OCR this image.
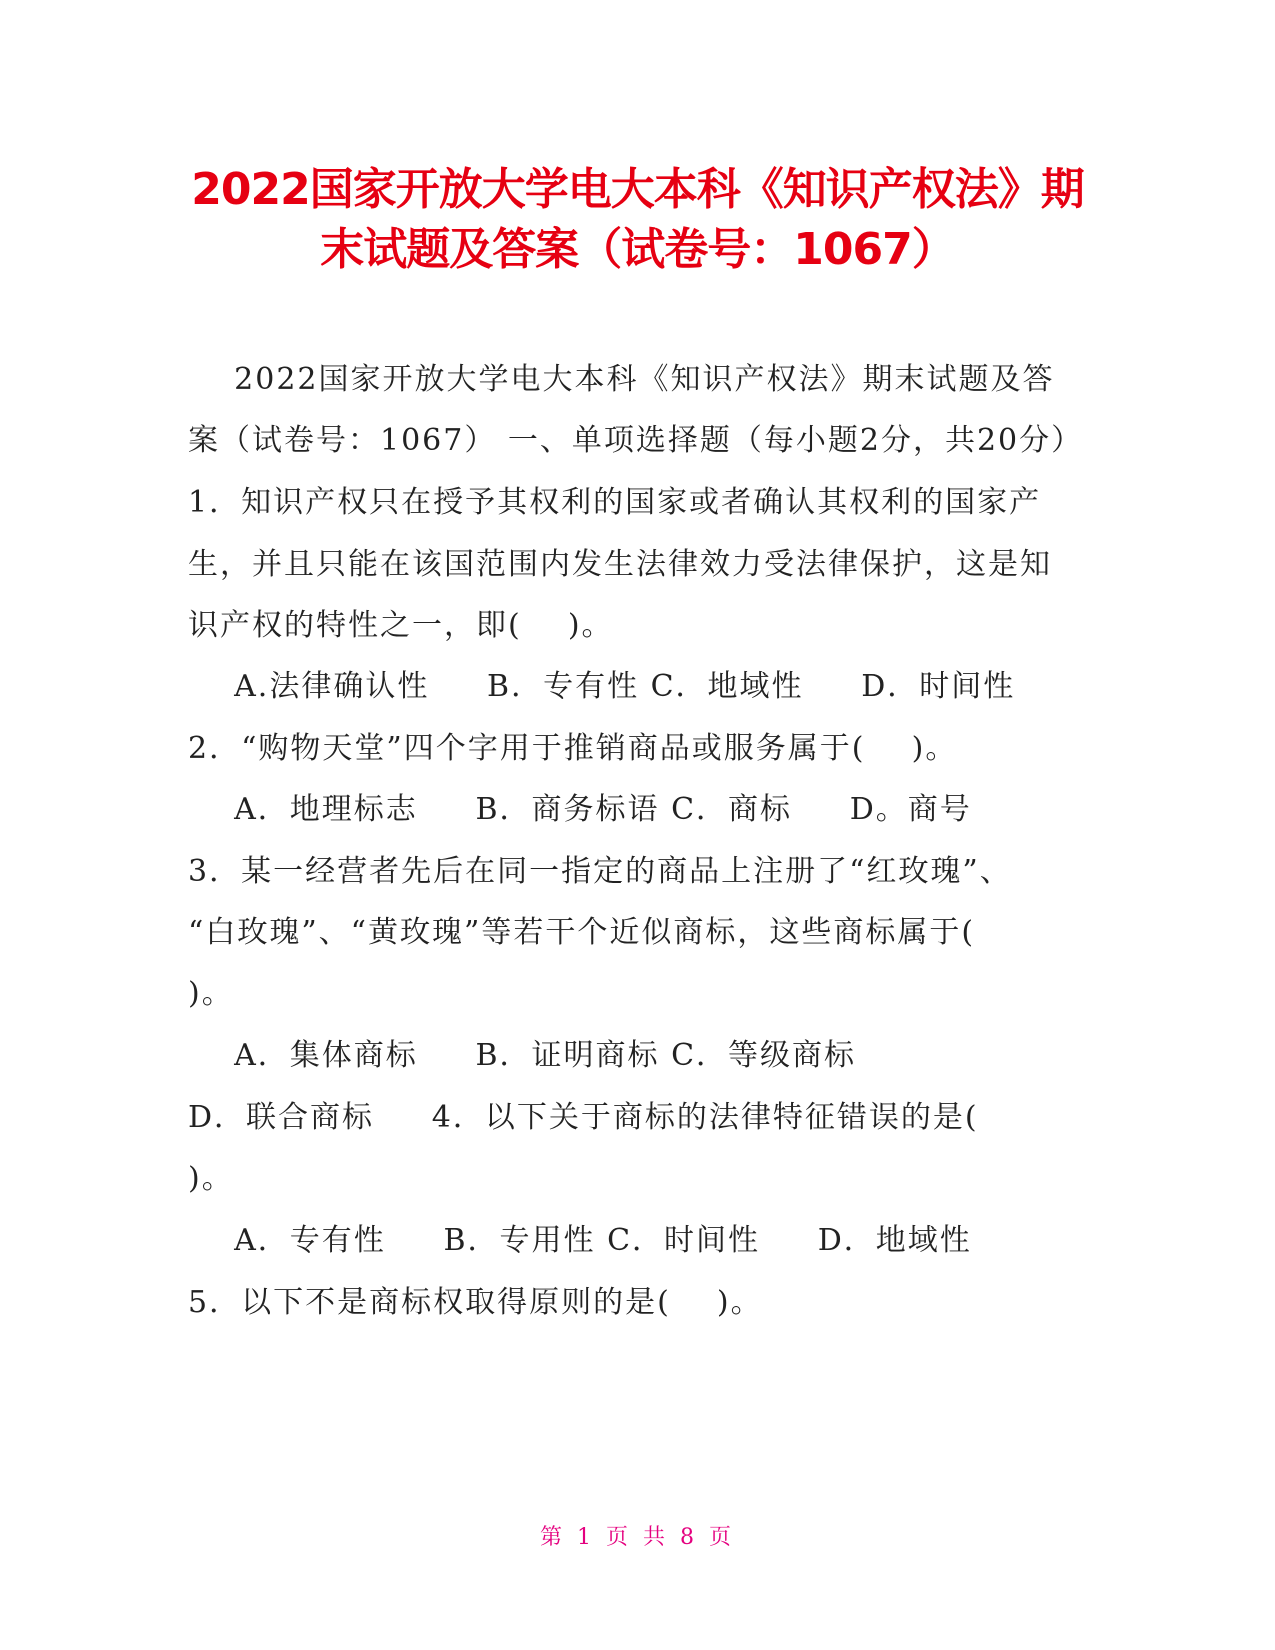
2022国家开放大学电大本科《知识产权法》期
末试题及答案（试卷号：1067）
2022国家开放大学电大本科《知识产权法》期末试题及答
案（试卷号：1067） 一、单项选择题（每小题2分，共20分）
1．知识产权只在授予其权利的国家或者确认其权利的国家产
生，并且只能在该国范围内发生法律效力受法律保护，这是知
识产权的特性之一，即(    )。
A.法律确认性     B．专有性 C．地域性     D．时间性
2．“购物天堂”四个字用于推销商品或服务属于(    )。
A．地理标志     B．商务标语 C．商标     D。商号
3．某一经营者先后在同一指定的商品上注册了“红玫瑰”、
“白玫瑰”、“黄玫瑰”等若干个近似商标，这些商标属于(
)。
A．集体商标     B．证明商标 C．等级商标
D．联合商标     4．以下关于商标的法律特征错误的是(
)。
A．专有性     B．专用性 C．时间性     D．地域性
5．以下不是商标权取得原则的是(    )。
第 1 页 共 8 页
